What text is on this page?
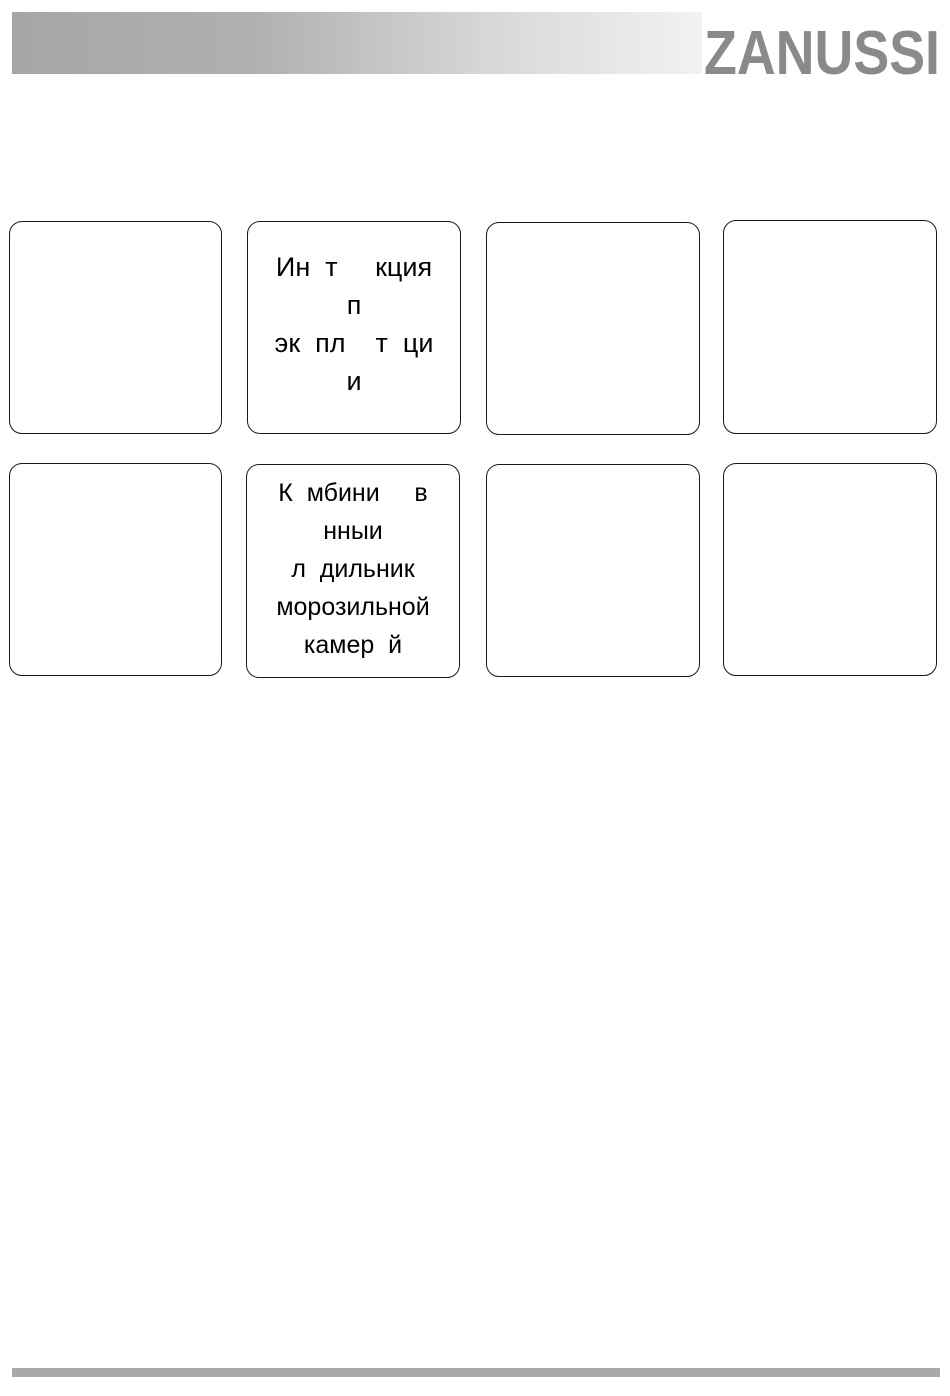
ZANUSSI
Ин  т     кция
п
эк  пл    т  ци
и
К  мбини     в
нныи
л  дильник
морозильной
камер  й
